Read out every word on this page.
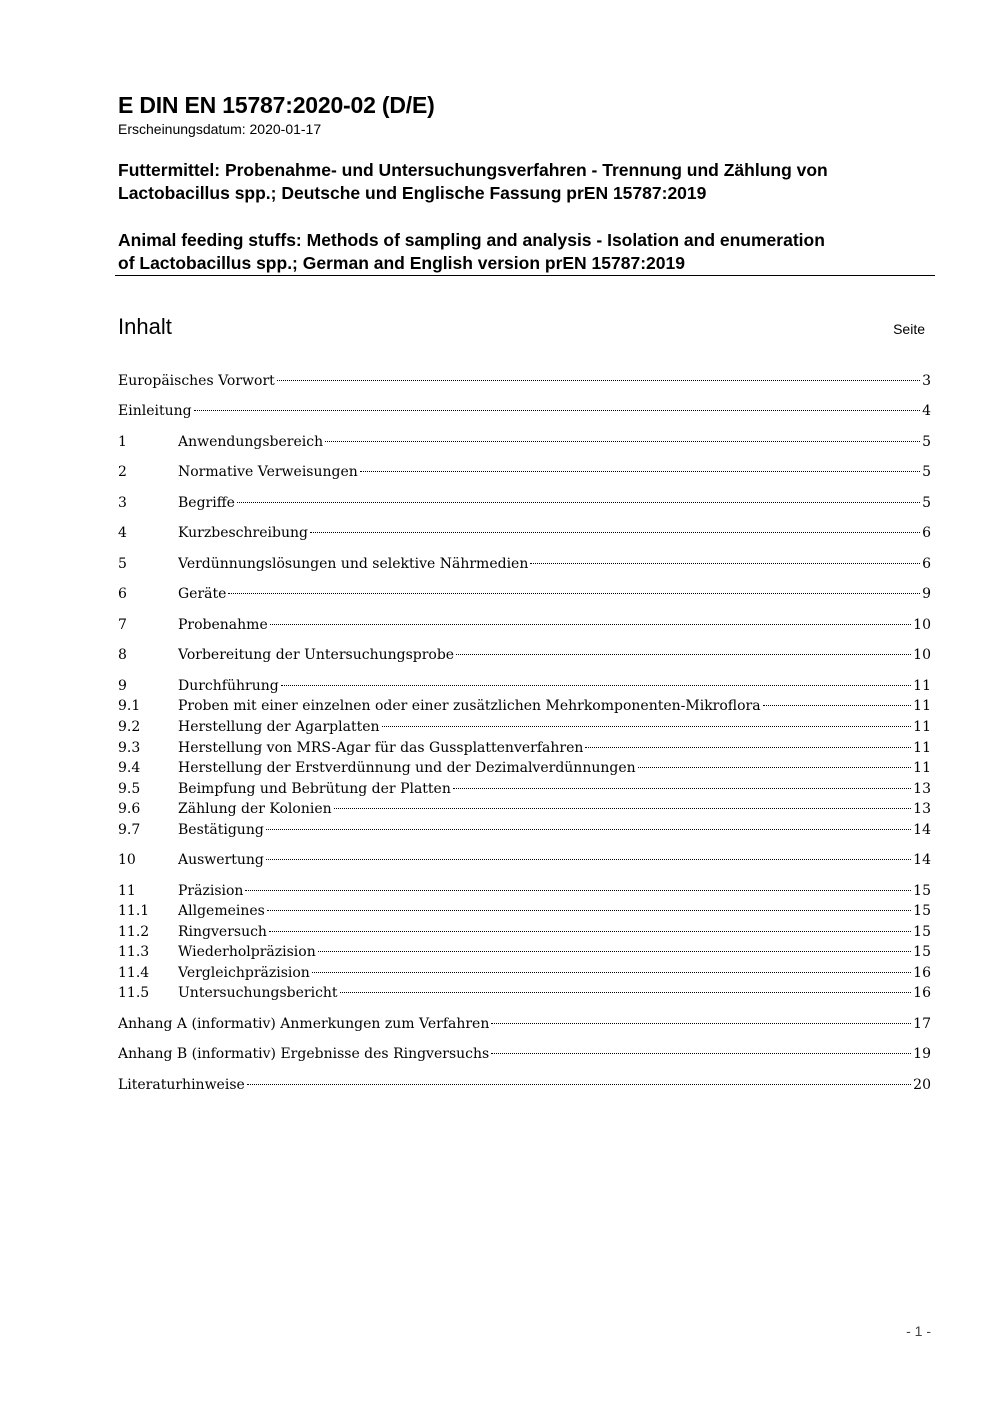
E DIN EN 15787:2020-02 (D/E)
Erscheinungsdatum: 2020-01-17
Futtermittel: Probenahme- und Untersuchungsverfahren - Trennung und Zählung von
Lactobacillus spp.; Deutsche und Englische Fassung prEN 15787:2019
Animal feeding stuffs: Methods of sampling and analysis - Isolation and enumeration
of Lactobacillus spp.; German and English version prEN 15787:2019
Inhalt	Seite
Europäisches Vorwort	3
Einleitung	4
1	Anwendungsbereich	5
2	Normative Verweisungen	5
3	Begriffe	5
4	Kurzbeschreibung	6
5	Verdünnungslösungen und selektive Nährmedien	6
6	Geräte	9
7	Probenahme	10
8	Vorbereitung der Untersuchungsprobe	10
9	Durchführung	11
9.1	Proben mit einer einzelnen oder einer zusätzlichen Mehrkomponenten-Mikroflora	11
9.2	Herstellung der Agarplatten	11
9.3	Herstellung von MRS-Agar für das Gussplattenverfahren	11
9.4	Herstellung der Erstverdünnung und der Dezimalverdünnungen	11
9.5	Beimpfung und Bebrütung der Platten	13
9.6	Zählung der Kolonien	13
9.7	Bestätigung	14
10	Auswertung	14
11	Präzision	15
11.1	Allgemeines	15
11.2	Ringversuch	15
11.3	Wiederholpräzision	15
11.4	Vergleichpräzision	16
11.5	Untersuchungsbericht	16
Anhang A (informativ) Anmerkungen zum Verfahren	17
Anhang B (informativ) Ergebnisse des Ringversuchs	19
Literaturhinweise	20
- 1 -
